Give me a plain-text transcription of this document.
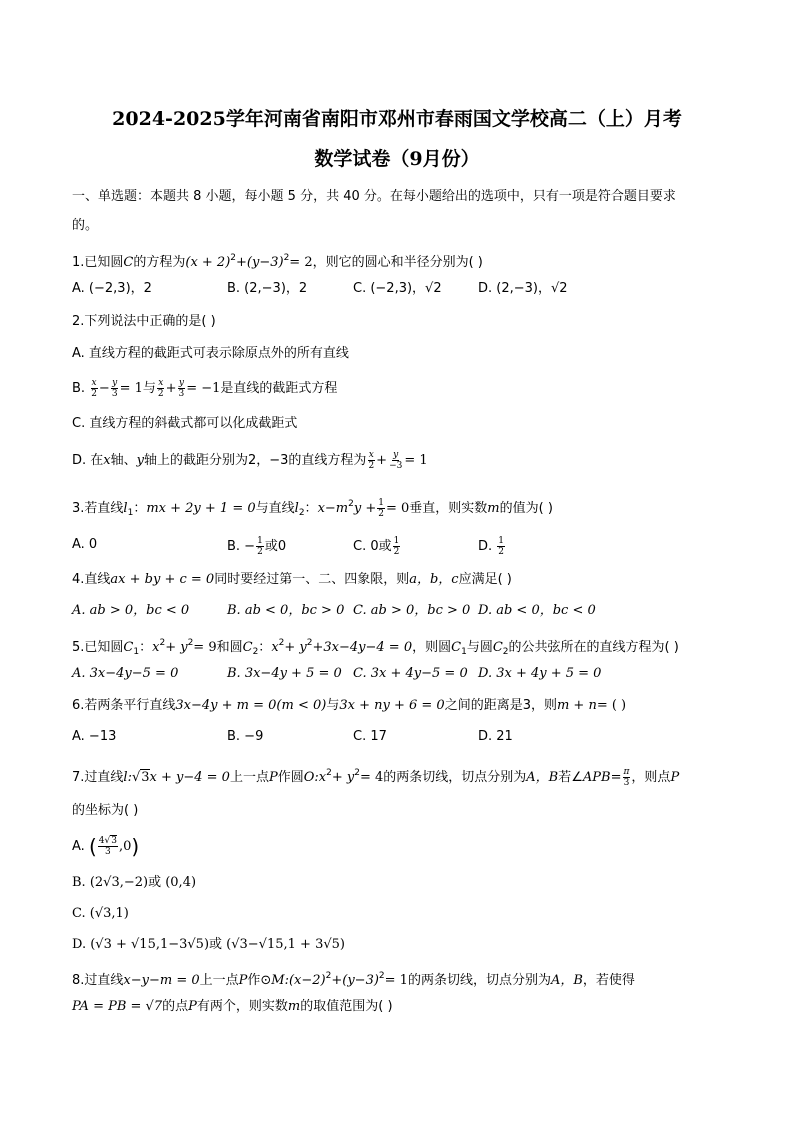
2024-2025学年河南省南阳市邓州市春雨国文学校高二（上）月考
数学试卷（9月份）
一、单选题：本题共 8 小题，每小题 5 分，共 40 分。在每小题给出的选项中，只有一项是符合题目要求
的。
1.已知圆C的方程为$(x + 2)^2+(y-3)^2= 2$，则它的圆心和半径分别为( )
A. (−2,3)，2	B. (2,−3)，2	C. (−2,3)，√2	D. (2,−3)，√2
2.下列说法中正确的是( )
A. 直线方程的截距式可表示除原点外的所有直线
B. $\frac{x}{2} - \frac{y}{3} = 1$与 $\frac{x}{2} + \frac{y}{3} = -1$是直线的截距式方程
C. 直线方程的斜截式都可以化成截距式
D. 在x轴、y轴上的截距分别为2，−3的直线方程为 $\frac{x}{2} + \frac{y}{-3} = 1$
3.若直线$l_1$：mx + 2y + 1 = 0与直线$l_2$：$x-m^2y + \frac{1}{2} = 0$垂直，则实数m的值为( )
A. 0	B. − $\frac{1}{2}$ 或0	C. 0或 $\frac{1}{2}$	D. $\frac{1}{2}$
4.直线ax + by + c = 0同时要经过第一、二、四象限，则a，b，c应满足( )
A. ab > 0，bc < 0	B. ab < 0，bc > 0 C. ab > 0，bc > 0 D. ab < 0，bc < 0
5.已知圆$C_1$：$x^2+ y^2= 9$和圆$C_2$：$x^2+ y^2+3x-4y-4 = 0$，则圆$C_1$与圆$C_2$的公共弦所在的直线方程为( )
A. 3x−4y−5 = 0	B. 3x−4y + 5 = 0 C. 3x + 4y−5 = 0 D. 3x + 4y + 5 = 0
6.若两条平行直线3x−4y + m = 0(m < 0)与3x + ny + 6 = 0之间的距离是3，则m + n= ( )
A. −13	B. −9	C. 17	D. 21
7.过直线l:√3x + y−4 = 0上一点P作圆$O:x^2+ y^2= 4$的两条切线，切点分别为A，B若∠APB= $\frac{\pi}{3}$ ，则点P
的坐标为( )
A. ( $\frac{4√3}{3} ,0$)
B. (2√3,−2)或 (0,4)
C. (√3,1)
D. (√3 + √15,1−3√5)或 (√3−√15,1 + 3√5)
8.过直线x−y−m = 0上一点P作$⊙M:(x-2)^2+(y-3)^2= 1$的两条切线，切点分别为A，B，若使得
PA = PB = √7的点P有两个，则实数m的取值范围为( )
